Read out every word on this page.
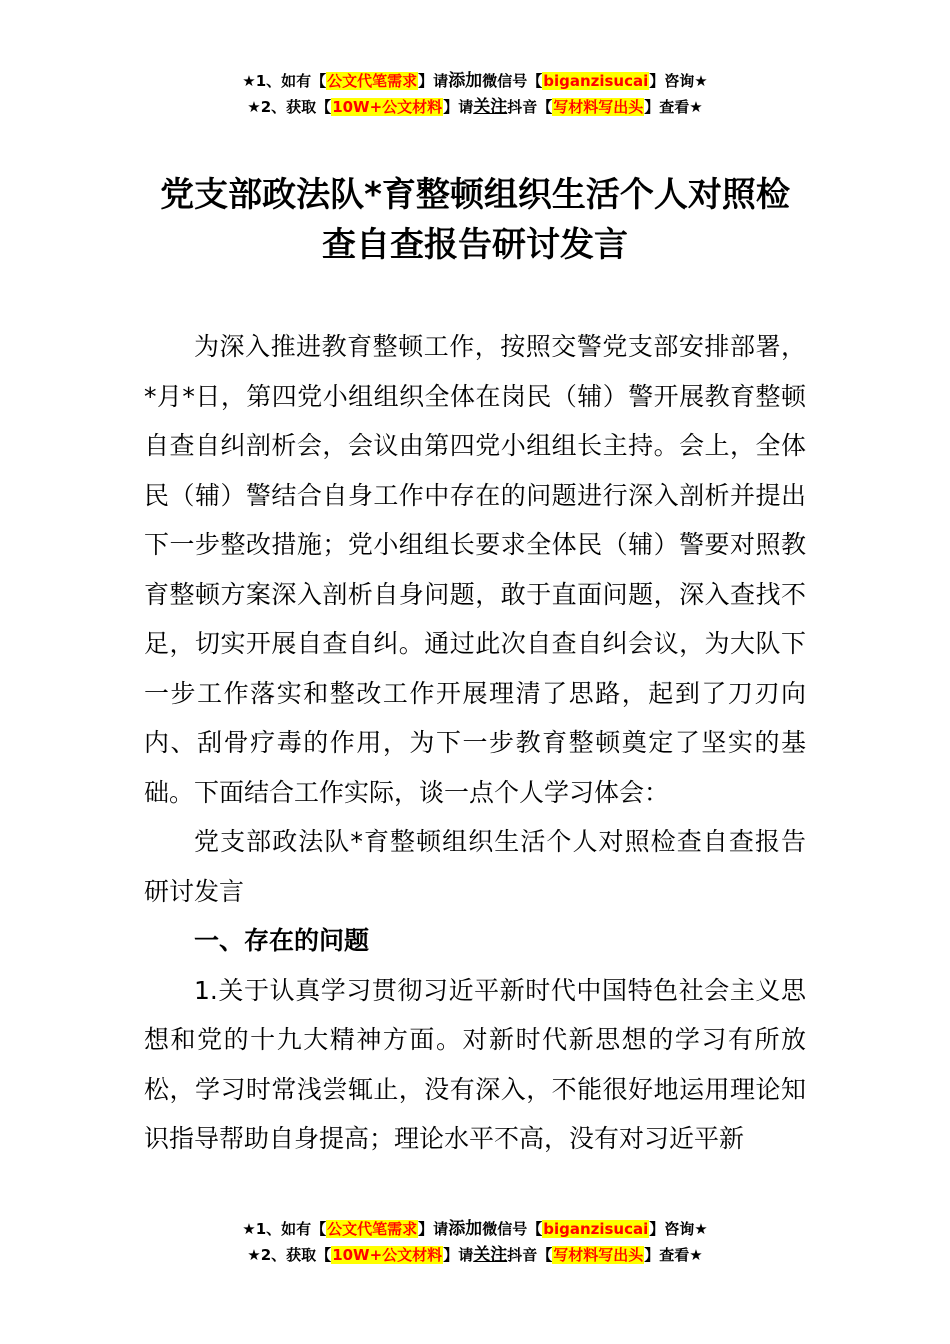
★1、如有【公文代笔需求】请添加微信号【biganzisucai】咨询★
★2、获取【10W+公文材料】请关注抖音【写材料写出头】查看★
党支部政法队*育整顿组织生活个人对照检
查自查报告研讨发言

为深入推进教育整顿工作，按照交警党支部安排部署，*月*日，第四党小组组织全体在岗民（辅）警开展教育整顿自查自纠剖析会，会议由第四党小组组长主持。会上，全体民（辅）警结合自身工作中存在的问题进行深入剖析并提出下一步整改措施；党小组组长要求全体民（辅）警要对照教育整顿方案深入剖析自身问题，敢于直面问题，深入查找不足，切实开展自查自纠。通过此次自查自纠会议，为大队下一步工作落实和整改工作开展理清了思路，起到了刀刃向内、刮骨疗毒的作用，为下一步教育整顿奠定了坚实的基础。下面结合工作实际，谈一点个人学习体会：

党支部政法队*育整顿组织生活个人对照检查自查报告研讨发言

一、存在的问题

1.关于认真学习贯彻习近平新时代中国特色社会主义思想和党的十九大精神方面。对新时代新思想的学习有所放松，学习时常浅尝辄止，没有深入，不能很好地运用理论知识指导帮助自身提高；理论水平不高，没有对习近平新

★1、如有【公文代笔需求】请添加微信号【biganzisucai】咨询★
★2、获取【10W+公文材料】请关注抖音【写材料写出头】查看★
